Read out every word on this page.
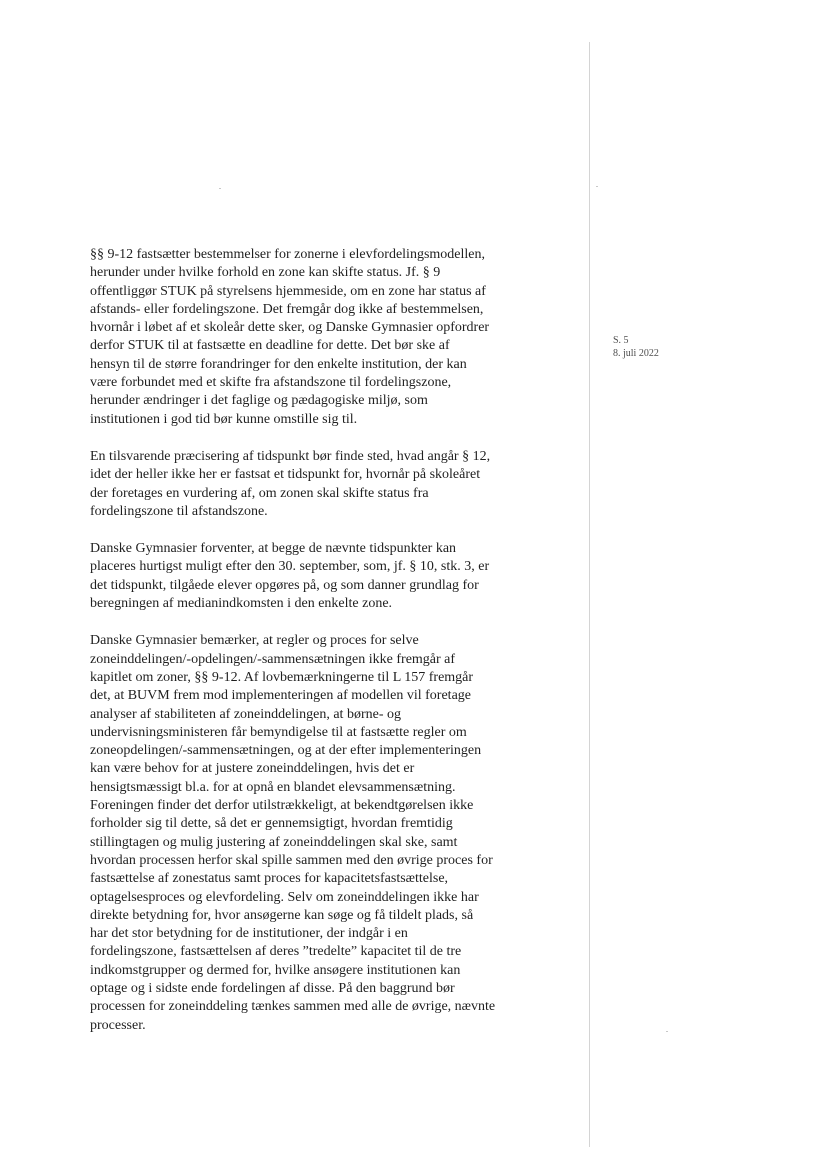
S. 5
8. juli 2022

§§ 9-12 fastsætter bestemmelser for zonerne i elevfordelingsmodellen,
herunder under hvilke forhold en zone kan skifte status. Jf. § 9
offentliggør STUK på styrelsens hjemmeside, om en zone har status af
afstands- eller fordelingszone. Det fremgår dog ikke af bestemmelsen,
hvornår i løbet af et skoleår dette sker, og Danske Gymnasier opfordrer
derfor STUK til at fastsætte en deadline for dette. Det bør ske af
hensyn til de større forandringer for den enkelte institution, der kan
være forbundet med et skifte fra afstandszone til fordelingszone,
herunder ændringer i det faglige og pædagogiske miljø, som
institutionen i god tid bør kunne omstille sig til.

En tilsvarende præcisering af tidspunkt bør finde sted, hvad angår § 12,
idet der heller ikke her er fastsat et tidspunkt for, hvornår på skoleåret
der foretages en vurdering af, om zonen skal skifte status fra
fordelingszone til afstandszone.

Danske Gymnasier forventer, at begge de nævnte tidspunkter kan
placeres hurtigst muligt efter den 30. september, som, jf. § 10, stk. 3, er
det tidspunkt, tilgåede elever opgøres på, og som danner grundlag for
beregningen af medianindkomsten i den enkelte zone.

Danske Gymnasier bemærker, at regler og proces for selve
zoneinddelingen/-opdelingen/-sammensætningen ikke fremgår af
kapitlet om zoner, §§ 9-12. Af lovbemærkningerne til L 157 fremgår
det, at BUVM frem mod implementeringen af modellen vil foretage
analyser af stabiliteten af zoneinddelingen, at børne- og
undervisningsministeren får bemyndigelse til at fastsætte regler om
zoneopdelingen/-sammensætningen, og at der efter implementeringen
kan være behov for at justere zoneinddelingen, hvis det er
hensigtsmæssigt bl.a. for at opnå en blandet elevsammensætning.
Foreningen finder det derfor utilstrækkeligt, at bekendtgørelsen ikke
forholder sig til dette, så det er gennemsigtigt, hvordan fremtidig
stillingtagen og mulig justering af zoneinddelingen skal ske, samt
hvordan processen herfor skal spille sammen med den øvrige proces for
fastsættelse af zonestatus samt proces for kapacitetsfastsættelse,
optagelsesproces og elevfordeling. Selv om zoneinddelingen ikke har
direkte betydning for, hvor ansøgerne kan søge og få tildelt plads, så
har det stor betydning for de institutioner, der indgår i en
fordelingszone, fastsættelsen af deres ”tredelte” kapacitet til de tre
indkomstgrupper og dermed for, hvilke ansøgere institutionen kan
optage og i sidste ende fordelingen af disse. På den baggrund bør
processen for zoneinddeling tænkes sammen med alle de øvrige, nævnte
processer.
